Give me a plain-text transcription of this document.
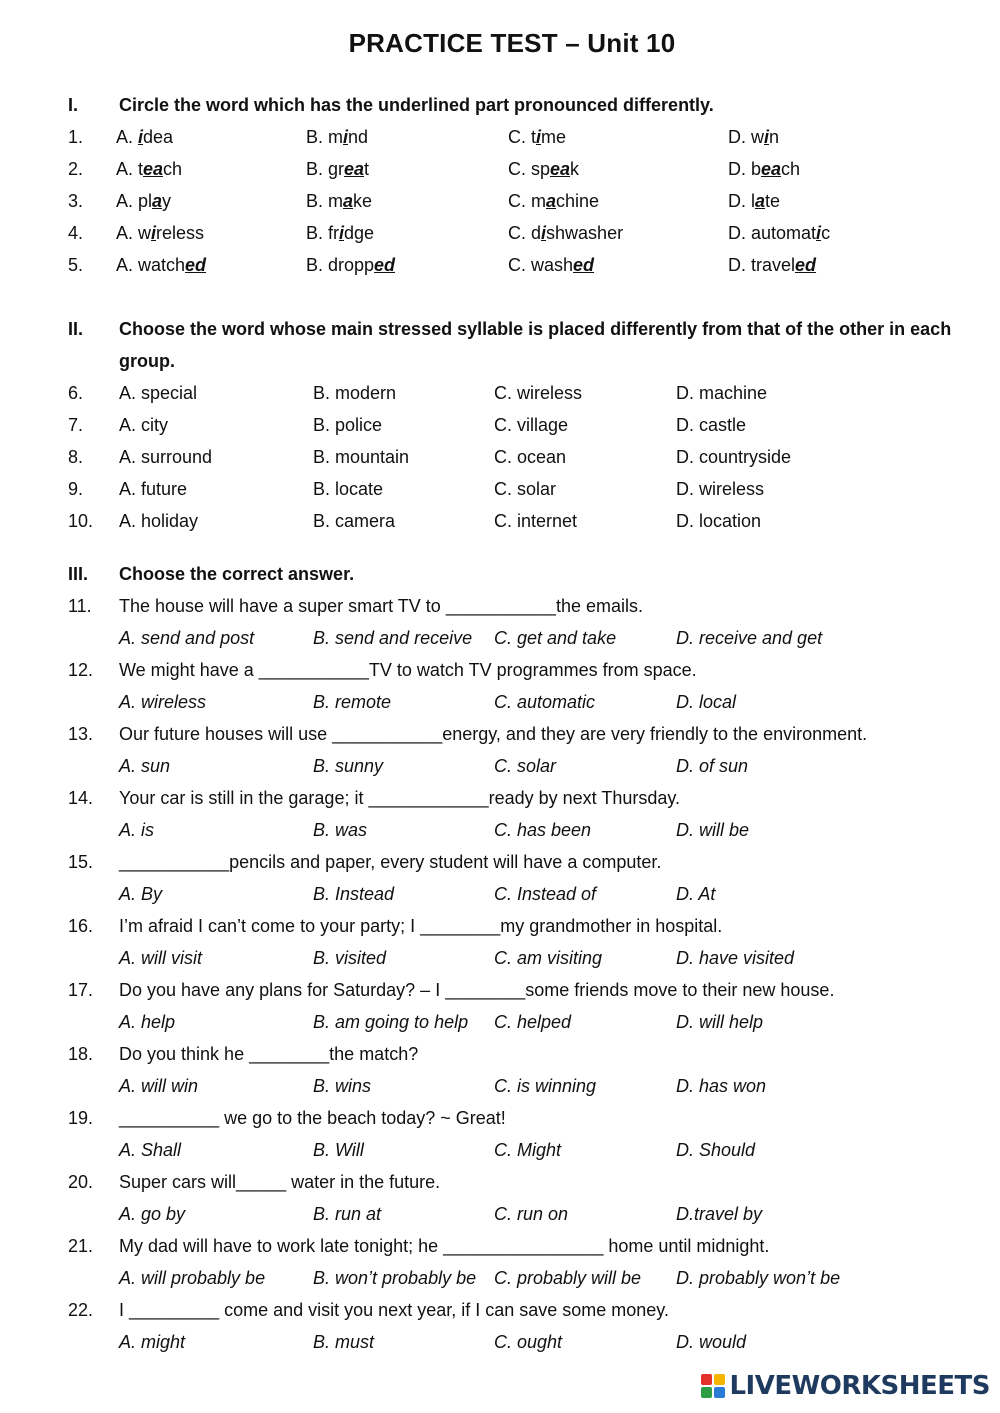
PRACTICE TEST – Unit 10
I. Circle the word which has the underlined part pronounced differently.
1. A. idea	B. mind	C. time	D. win
2. A. teach	B. great	C. speak	D. beach
3. A. play	B. make	C. machine	D. late
4. A. wireless	B. fridge	C. dishwasher	D. automatic
5. A. watched	B. dropped	C. washed	D. traveled
II. Choose the word whose main stressed syllable is placed differently from that of the other in each
group.
6. A. special	B. modern	C. wireless	D. machine
7. A. city	B. police	C. village	D. castle
8. A. surround	B. mountain	C. ocean	D. countryside
9. A. future	B. locate	C. solar	D. wireless
10. A. holiday	B. camera	C. internet	D. location
III. Choose the correct answer.
11. The house will have a super smart TV to ___________the emails.
A. send and post	B. send and receive C. get and take	D. receive and get
12. We might have a ___________TV to watch TV programmes from space.
A. wireless	B. remote	C. automatic	D. local
13. Our future houses will use ___________energy, and they are very friendly to the environment.
A. sun	B. sunny	C. solar	D. of sun
14. Your car is still in the garage; it ____________ready by next Thursday.
A. is	B. was	C. has been	D. will be
15. ___________pencils and paper, every student will have a computer.
A. By	B. Instead	C. Instead of	D. At
16. I’m afraid I can’t come to your party; I ________my grandmother in hospital.
A. will visit	B. visited	C. am visiting	D. have visited
17. Do you have any plans for Saturday? – I ________some friends move to their new house.
A. help	B. am going to help C. helped	D. will help
18. Do you think he ________the match?
A. will win	B. wins	C. is winning	D. has won
19. __________ we go to the beach today? ~ Great!
A. Shall	B. Will	C. Might	D. Should
20. Super cars will_____ water in the future.
A. go by	B. run at	C. run on	D.travel by
21. My dad will have to work late tonight; he ________________ home until midnight.
A. will probably be	B. won’t probably be C. probably will be D. probably won’t be
22. I _________ come and visit you next year, if I can save some money.
A. might	B. must	C. ought	D. would
LIVEWORKSHEETS
